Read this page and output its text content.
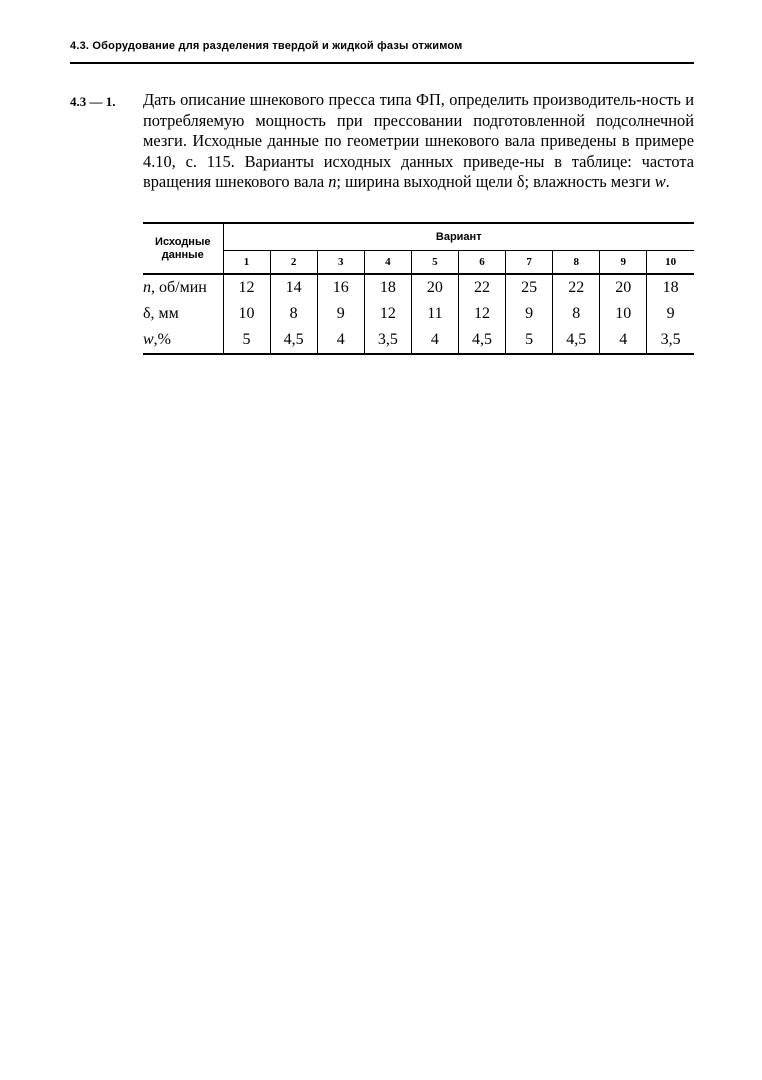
4.3. Оборудование для разделения твердой и жидкой фазы отжимом
4.3 — 1. Дать описание шнекового пресса типа ФП, определить производитель-ность и потребляемую мощность при прессовании подготовленной подсолнечной мезги. Исходные данные по геометрии шнекового вала приведены в примере 4.10, с. 115. Варианты исходных данных приведе-ны в таблице: частота вращения шнекового вала n; ширина выходной щели δ; влажность мезги w.
Исходные данные	Вариант									
	1	2	3	4	5	6	7	8	9	10
n, об/мин	12	14	16	18	20	22	25	22	20	18
δ, мм	10	8	9	12	11	12	9	8	10	9
w,%	5	4,5	4	3,5	4	4,5	5	4,5	4	3,5
